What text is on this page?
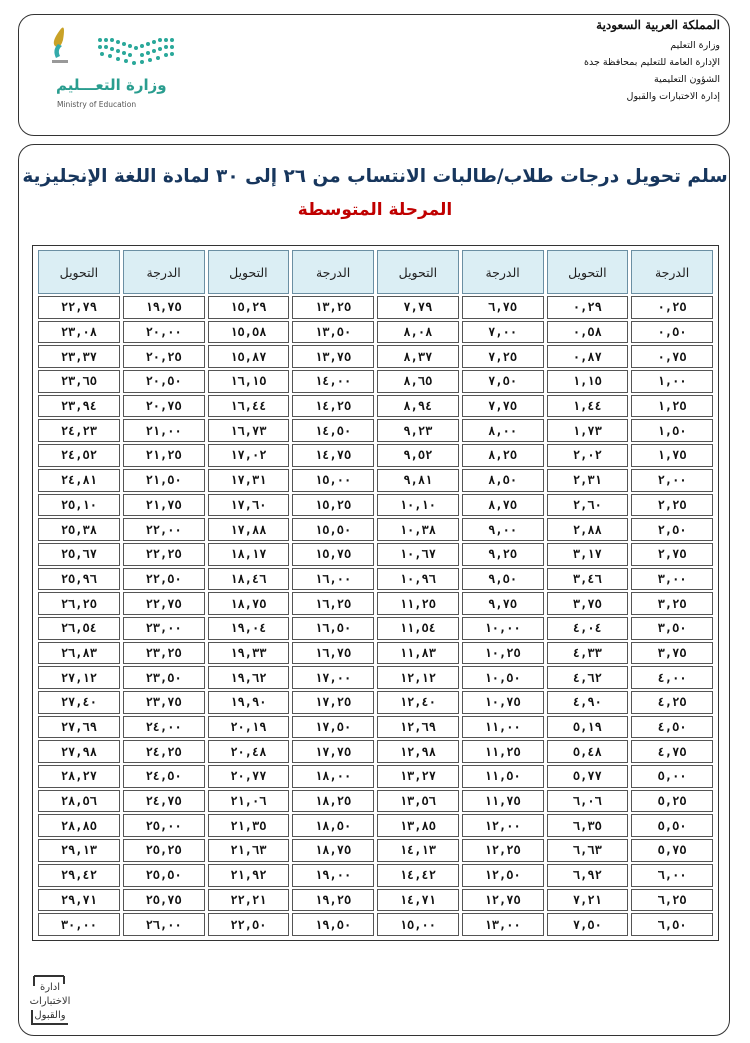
المملكة العربية السعودية
وزارة التعليم
الإدارة العامة للتعليم بمحافظة جدة
الشؤون التعليمية
إدارة الاختبارات والقبول
وزارة التعـــليم
Ministry of Education
سلم تحويل درجات طلاب/طالبات الانتساب من ٢٦ إلى ٣٠ لمادة اللغة الإنجليزية
المرحلة المتوسطة
الدرجة	التحويل	الدرجة	التحويل	الدرجة	التحويل	الدرجة	التحويل
٠,٢٥	٠,٢٩	٦,٧٥	٧,٧٩	١٣,٢٥	١٥,٢٩	١٩,٧٥	٢٢,٧٩
٠,٥٠	٠,٥٨	٧,٠٠	٨,٠٨	١٣,٥٠	١٥,٥٨	٢٠,٠٠	٢٣,٠٨
٠,٧٥	٠,٨٧	٧,٢٥	٨,٣٧	١٣,٧٥	١٥,٨٧	٢٠,٢٥	٢٣,٣٧
١,٠٠	١,١٥	٧,٥٠	٨,٦٥	١٤,٠٠	١٦,١٥	٢٠,٥٠	٢٣,٦٥
١,٢٥	١,٤٤	٧,٧٥	٨,٩٤	١٤,٢٥	١٦,٤٤	٢٠,٧٥	٢٣,٩٤
١,٥٠	١,٧٣	٨,٠٠	٩,٢٣	١٤,٥٠	١٦,٧٣	٢١,٠٠	٢٤,٢٣
١,٧٥	٢,٠٢	٨,٢٥	٩,٥٢	١٤,٧٥	١٧,٠٢	٢١,٢٥	٢٤,٥٢
٢,٠٠	٢,٣١	٨,٥٠	٩,٨١	١٥,٠٠	١٧,٣١	٢١,٥٠	٢٤,٨١
٢,٢٥	٢,٦٠	٨,٧٥	١٠,١٠	١٥,٢٥	١٧,٦٠	٢١,٧٥	٢٥,١٠
٢,٥٠	٢,٨٨	٩,٠٠	١٠,٣٨	١٥,٥٠	١٧,٨٨	٢٢,٠٠	٢٥,٣٨
٢,٧٥	٣,١٧	٩,٢٥	١٠,٦٧	١٥,٧٥	١٨,١٧	٢٢,٢٥	٢٥,٦٧
٣,٠٠	٣,٤٦	٩,٥٠	١٠,٩٦	١٦,٠٠	١٨,٤٦	٢٢,٥٠	٢٥,٩٦
٣,٢٥	٣,٧٥	٩,٧٥	١١,٢٥	١٦,٢٥	١٨,٧٥	٢٢,٧٥	٢٦,٢٥
٣,٥٠	٤,٠٤	١٠,٠٠	١١,٥٤	١٦,٥٠	١٩,٠٤	٢٣,٠٠	٢٦,٥٤
٣,٧٥	٤,٣٣	١٠,٢٥	١١,٨٣	١٦,٧٥	١٩,٣٣	٢٣,٢٥	٢٦,٨٣
٤,٠٠	٤,٦٢	١٠,٥٠	١٢,١٢	١٧,٠٠	١٩,٦٢	٢٣,٥٠	٢٧,١٢
٤,٢٥	٤,٩٠	١٠,٧٥	١٢,٤٠	١٧,٢٥	١٩,٩٠	٢٣,٧٥	٢٧,٤٠
٤,٥٠	٥,١٩	١١,٠٠	١٢,٦٩	١٧,٥٠	٢٠,١٩	٢٤,٠٠	٢٧,٦٩
٤,٧٥	٥,٤٨	١١,٢٥	١٢,٩٨	١٧,٧٥	٢٠,٤٨	٢٤,٢٥	٢٧,٩٨
٥,٠٠	٥,٧٧	١١,٥٠	١٣,٢٧	١٨,٠٠	٢٠,٧٧	٢٤,٥٠	٢٨,٢٧
٥,٢٥	٦,٠٦	١١,٧٥	١٣,٥٦	١٨,٢٥	٢١,٠٦	٢٤,٧٥	٢٨,٥٦
٥,٥٠	٦,٣٥	١٢,٠٠	١٣,٨٥	١٨,٥٠	٢١,٣٥	٢٥,٠٠	٢٨,٨٥
٥,٧٥	٦,٦٣	١٢,٢٥	١٤,١٣	١٨,٧٥	٢١,٦٣	٢٥,٢٥	٢٩,١٣
٦,٠٠	٦,٩٢	١٢,٥٠	١٤,٤٢	١٩,٠٠	٢١,٩٢	٢٥,٥٠	٢٩,٤٢
٦,٢٥	٧,٢١	١٢,٧٥	١٤,٧١	١٩,٢٥	٢٢,٢١	٢٥,٧٥	٢٩,٧١
٦,٥٠	٧,٥٠	١٣,٠٠	١٥,٠٠	١٩,٥٠	٢٢,٥٠	٢٦,٠٠	٣٠,٠٠
ادارة
الاختبارات
والقبول
